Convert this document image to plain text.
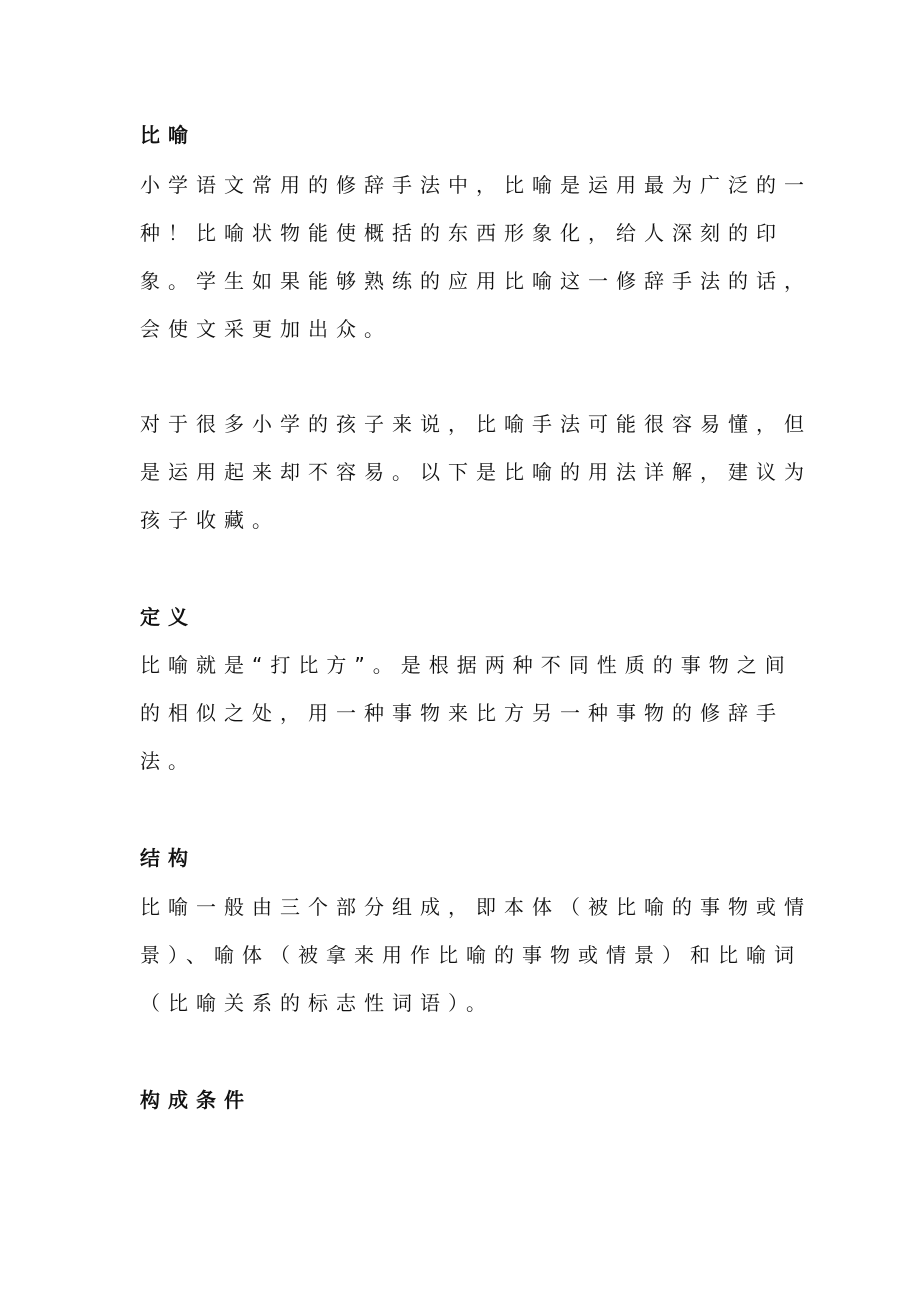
比喻
小学语文常用的修辞手法中，比喻是运用最为广泛的一
种！比喻状物能使概括的东西形象化，给人深刻的印
象。学生如果能够熟练的应用比喻这一修辞手法的话，
会使文采更加出众。
对于很多小学的孩子来说，比喻手法可能很容易懂，但
是运用起来却不容易。以下是比喻的用法详解，建议为
孩子收藏。
定义
比喻就是“打比方”。是根据两种不同性质的事物之间
的相似之处，用一种事物来比方另一种事物的修辞手
法。
结构
比喻一般由三个部分组成，即本体（被比喻的事物或情
景）、喻体（被拿来用作比喻的事物或情景）和比喻词
（比喻关系的标志性词语）。
构成条件
